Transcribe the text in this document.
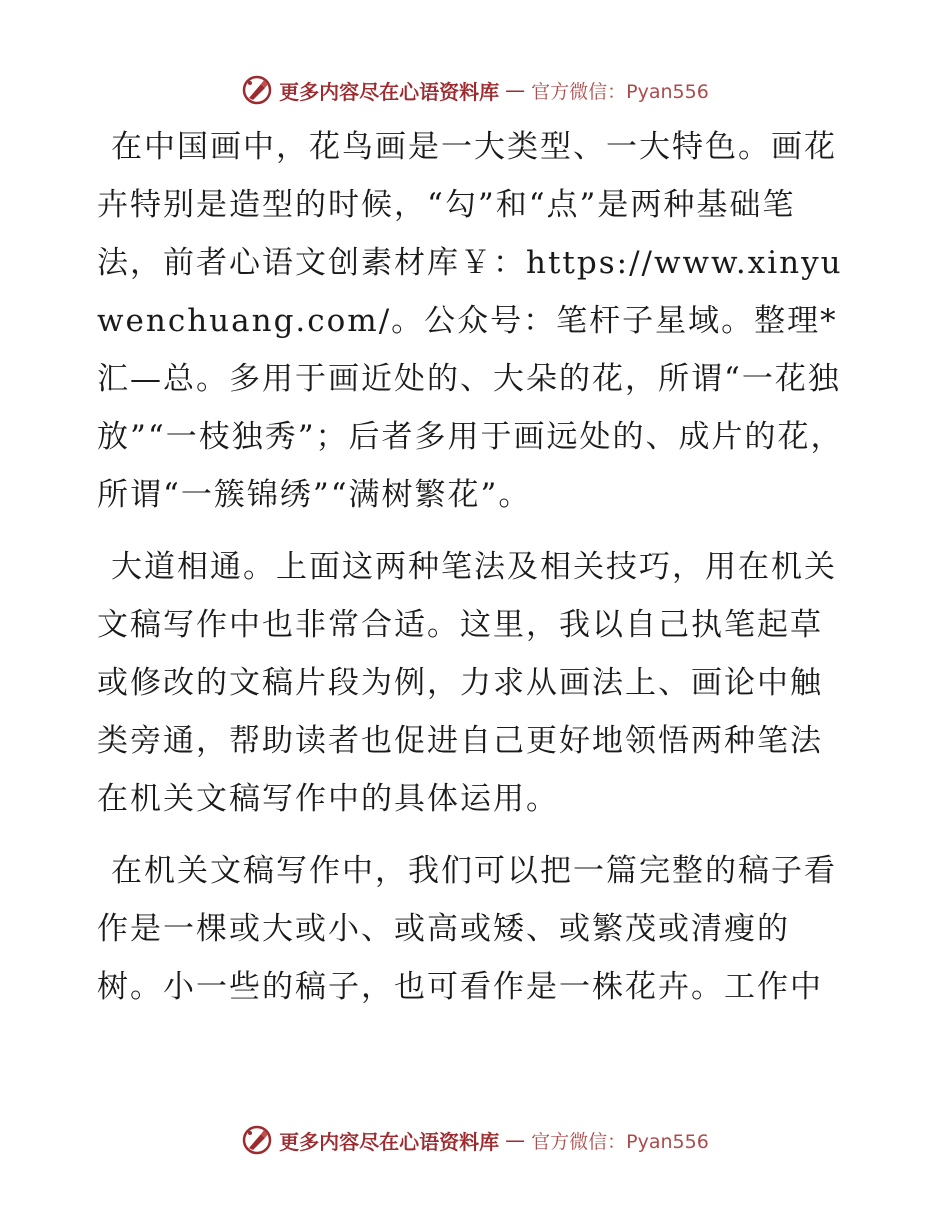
更多内容尽在心语资料库 — 官方微信：Pyan556

在中国画中，花鸟画是一大类型、一大特色。画花卉特别是造型的时候，“勾”和“点”是两种基础笔法，前者心语文创素材库￥：https://www.xinyuwenchuang.com/。公众号：笔杆子星域。整理*汇—总。多用于画近处的、大朵的花，所谓“一花独放”“一枝独秀”；后者多用于画远处的、成片的花，所谓“一簇锦绣”“满树繁花”。

大道相通。上面这两种笔法及相关技巧，用在机关文稿写作中也非常合适。这里，我以自己执笔起草或修改的文稿片段为例，力求从画法上、画论中触类旁通，帮助读者也促进自己更好地领悟两种笔法在机关文稿写作中的具体运用。

在机关文稿写作中，我们可以把一篇完整的稿子看作是一棵或大或小、或高或矮、或繁茂或清瘦的树。小一些的稿子，也可看作是一株花卉。工作中

更多内容尽在心语资料库 — 官方微信：Pyan556
